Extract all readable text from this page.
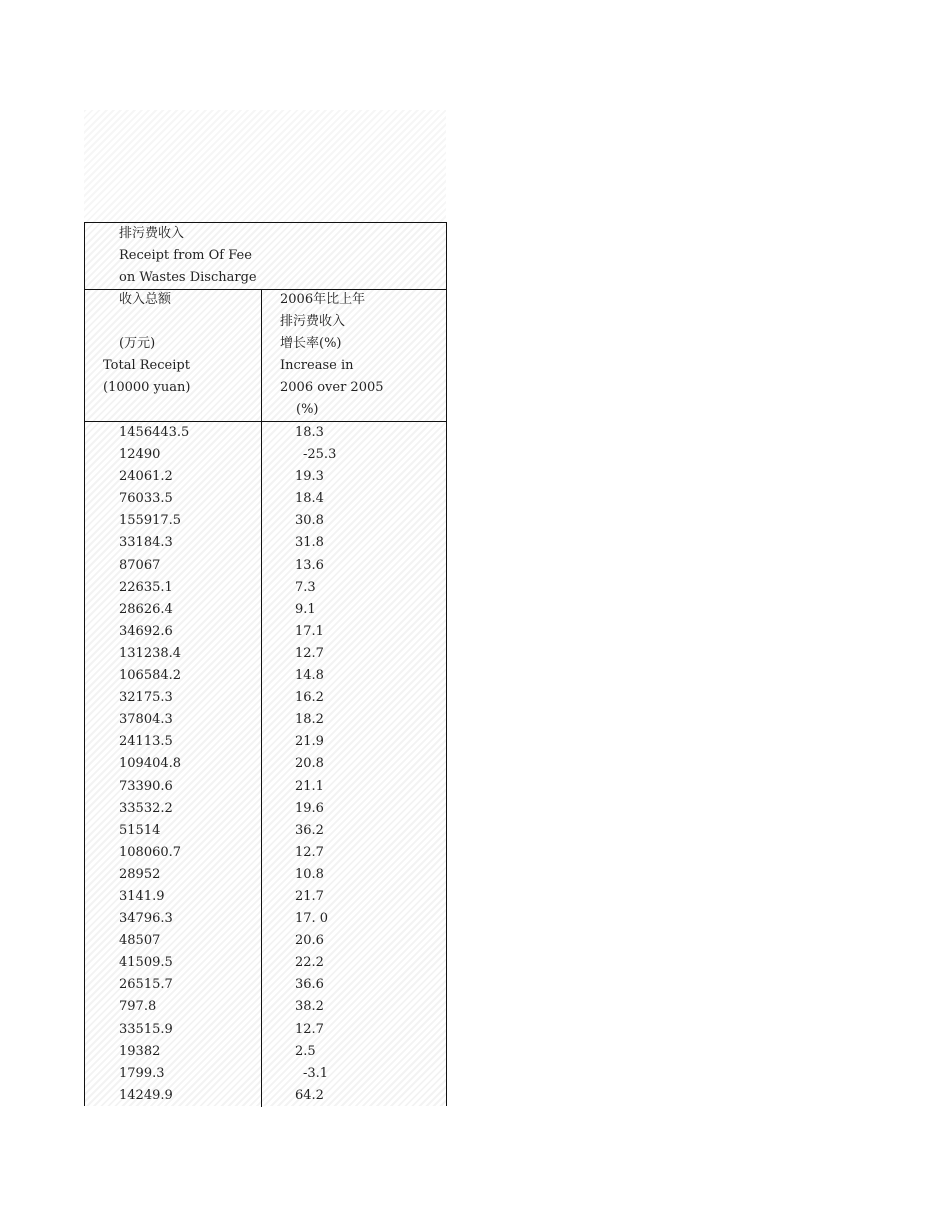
排污费收入
Receipt from Of Fee
on Wastes Discharge
收入总额
(万元)
Total Receipt
(10000 yuan)
2006年比上年
排污费收入
增长率(%)
Increase in
2006 over 2005
(%)
1456443.5	18.3
12490	-25.3
24061.2	19.3
76033.5	18.4
155917.5	30.8
33184.3	31.8
87067	13.6
22635.1	7.3
28626.4	9.1
34692.6	17.1
131238.4	12.7
106584.2	14.8
32175.3	16.2
37804.3	18.2
24113.5	21.9
109404.8	20.8
73390.6	21.1
33532.2	19.6
51514	36.2
108060.7	12.7
28952	10.8
3141.9	21.7
34796.3	17. 0
48507	20.6
41509.5	22.2
26515.7	36.6
797.8	38.2
33515.9	12.7
19382	2.5
1799.3	-3.1
14249.9	64.2
